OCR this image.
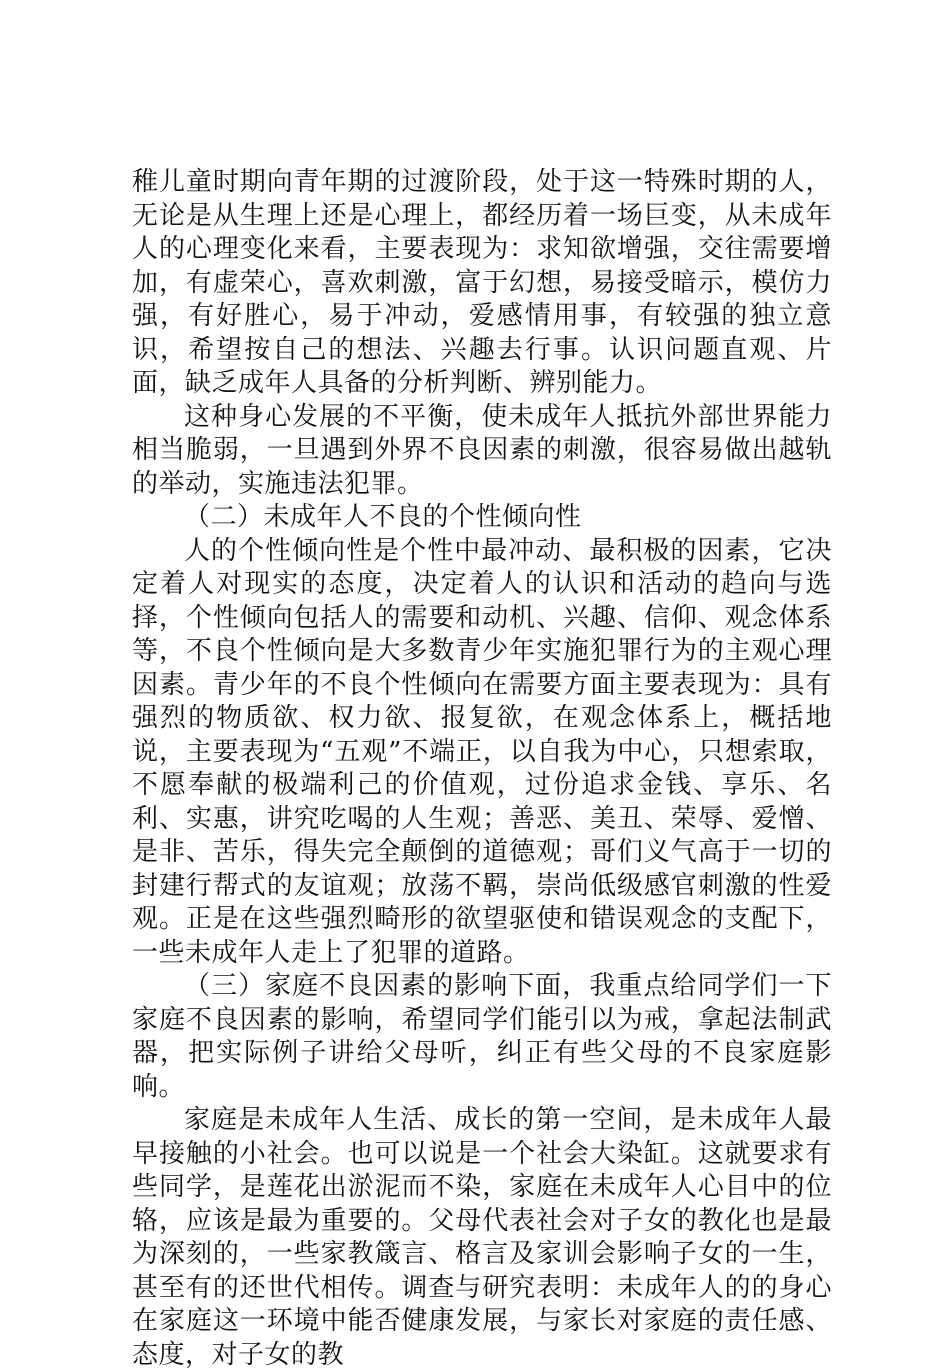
稚儿童时期向青年期的过渡阶段，处于这一特殊时期的人，无论是从生理上还是心理上，都经历着一场巨变，从未成年人的心理变化来看，主要表现为：求知欲增强，交往需要增加，有虚荣心，喜欢刺激，富于幻想，易接受暗示，模仿力强，有好胜心，易于冲动，爱感情用事，有较强的独立意识，希望按自己的想法、兴趣去行事。认识问题直观、片面，缺乏成年人具备的分析判断、辨别能力。

这种身心发展的不平衡，使未成年人抵抗外部世界能力相当脆弱，一旦遇到外界不良因素的刺激，很容易做出越轨的举动，实施违法犯罪。

（二）未成年人不良的个性倾向性

人的个性倾向性是个性中最冲动、最积极的因素，它决定着人对现实的态度，决定着人的认识和活动的趋向与选择，个性倾向包括人的需要和动机、兴趣、信仰、观念体系等，不良个性倾向是大多数青少年实施犯罪行为的主观心理因素。青少年的不良个性倾向在需要方面主要表现为：具有强烈的物质欲、权力欲、报复欲，在观念体系上，概括地说，主要表现为“五观”不端正，以自我为中心，只想索取，不愿奉献的极端利己的价值观，过份追求金钱、享乐、名利、实惠，讲究吃喝的人生观；善恶、美丑、荣辱、爱憎、是非、苦乐，得失完全颠倒的道德观；哥们义气高于一切的封建行帮式的友谊观；放荡不羁，崇尚低级感官刺激的性爱观。正是在这些强烈畸形的欲望驱使和错误观念的支配下，一些未成年人走上了犯罪的道路。

（三）家庭不良因素的影响下面，我重点给同学们一下家庭不良因素的影响，希望同学们能引以为戒，拿起法制武器，把实际例子讲给父母听，纠正有些父母的不良家庭影响。

家庭是未成年人生活、成长的第一空间，是未成年人最早接触的小社会。也可以说是一个社会大染缸。这就要求有些同学，是莲花出淤泥而不染，家庭在未成年人心目中的位辂，应该是最为重要的。父母代表社会对子女的教化也是最为深刻的，一些家教箴言、格言及家训会影响子女的一生，甚至有的还世代相传。调查与研究表明：未成年人的的身心在家庭这一环境中能否健康发展，与家长对家庭的责任感、态度，对子女的教
